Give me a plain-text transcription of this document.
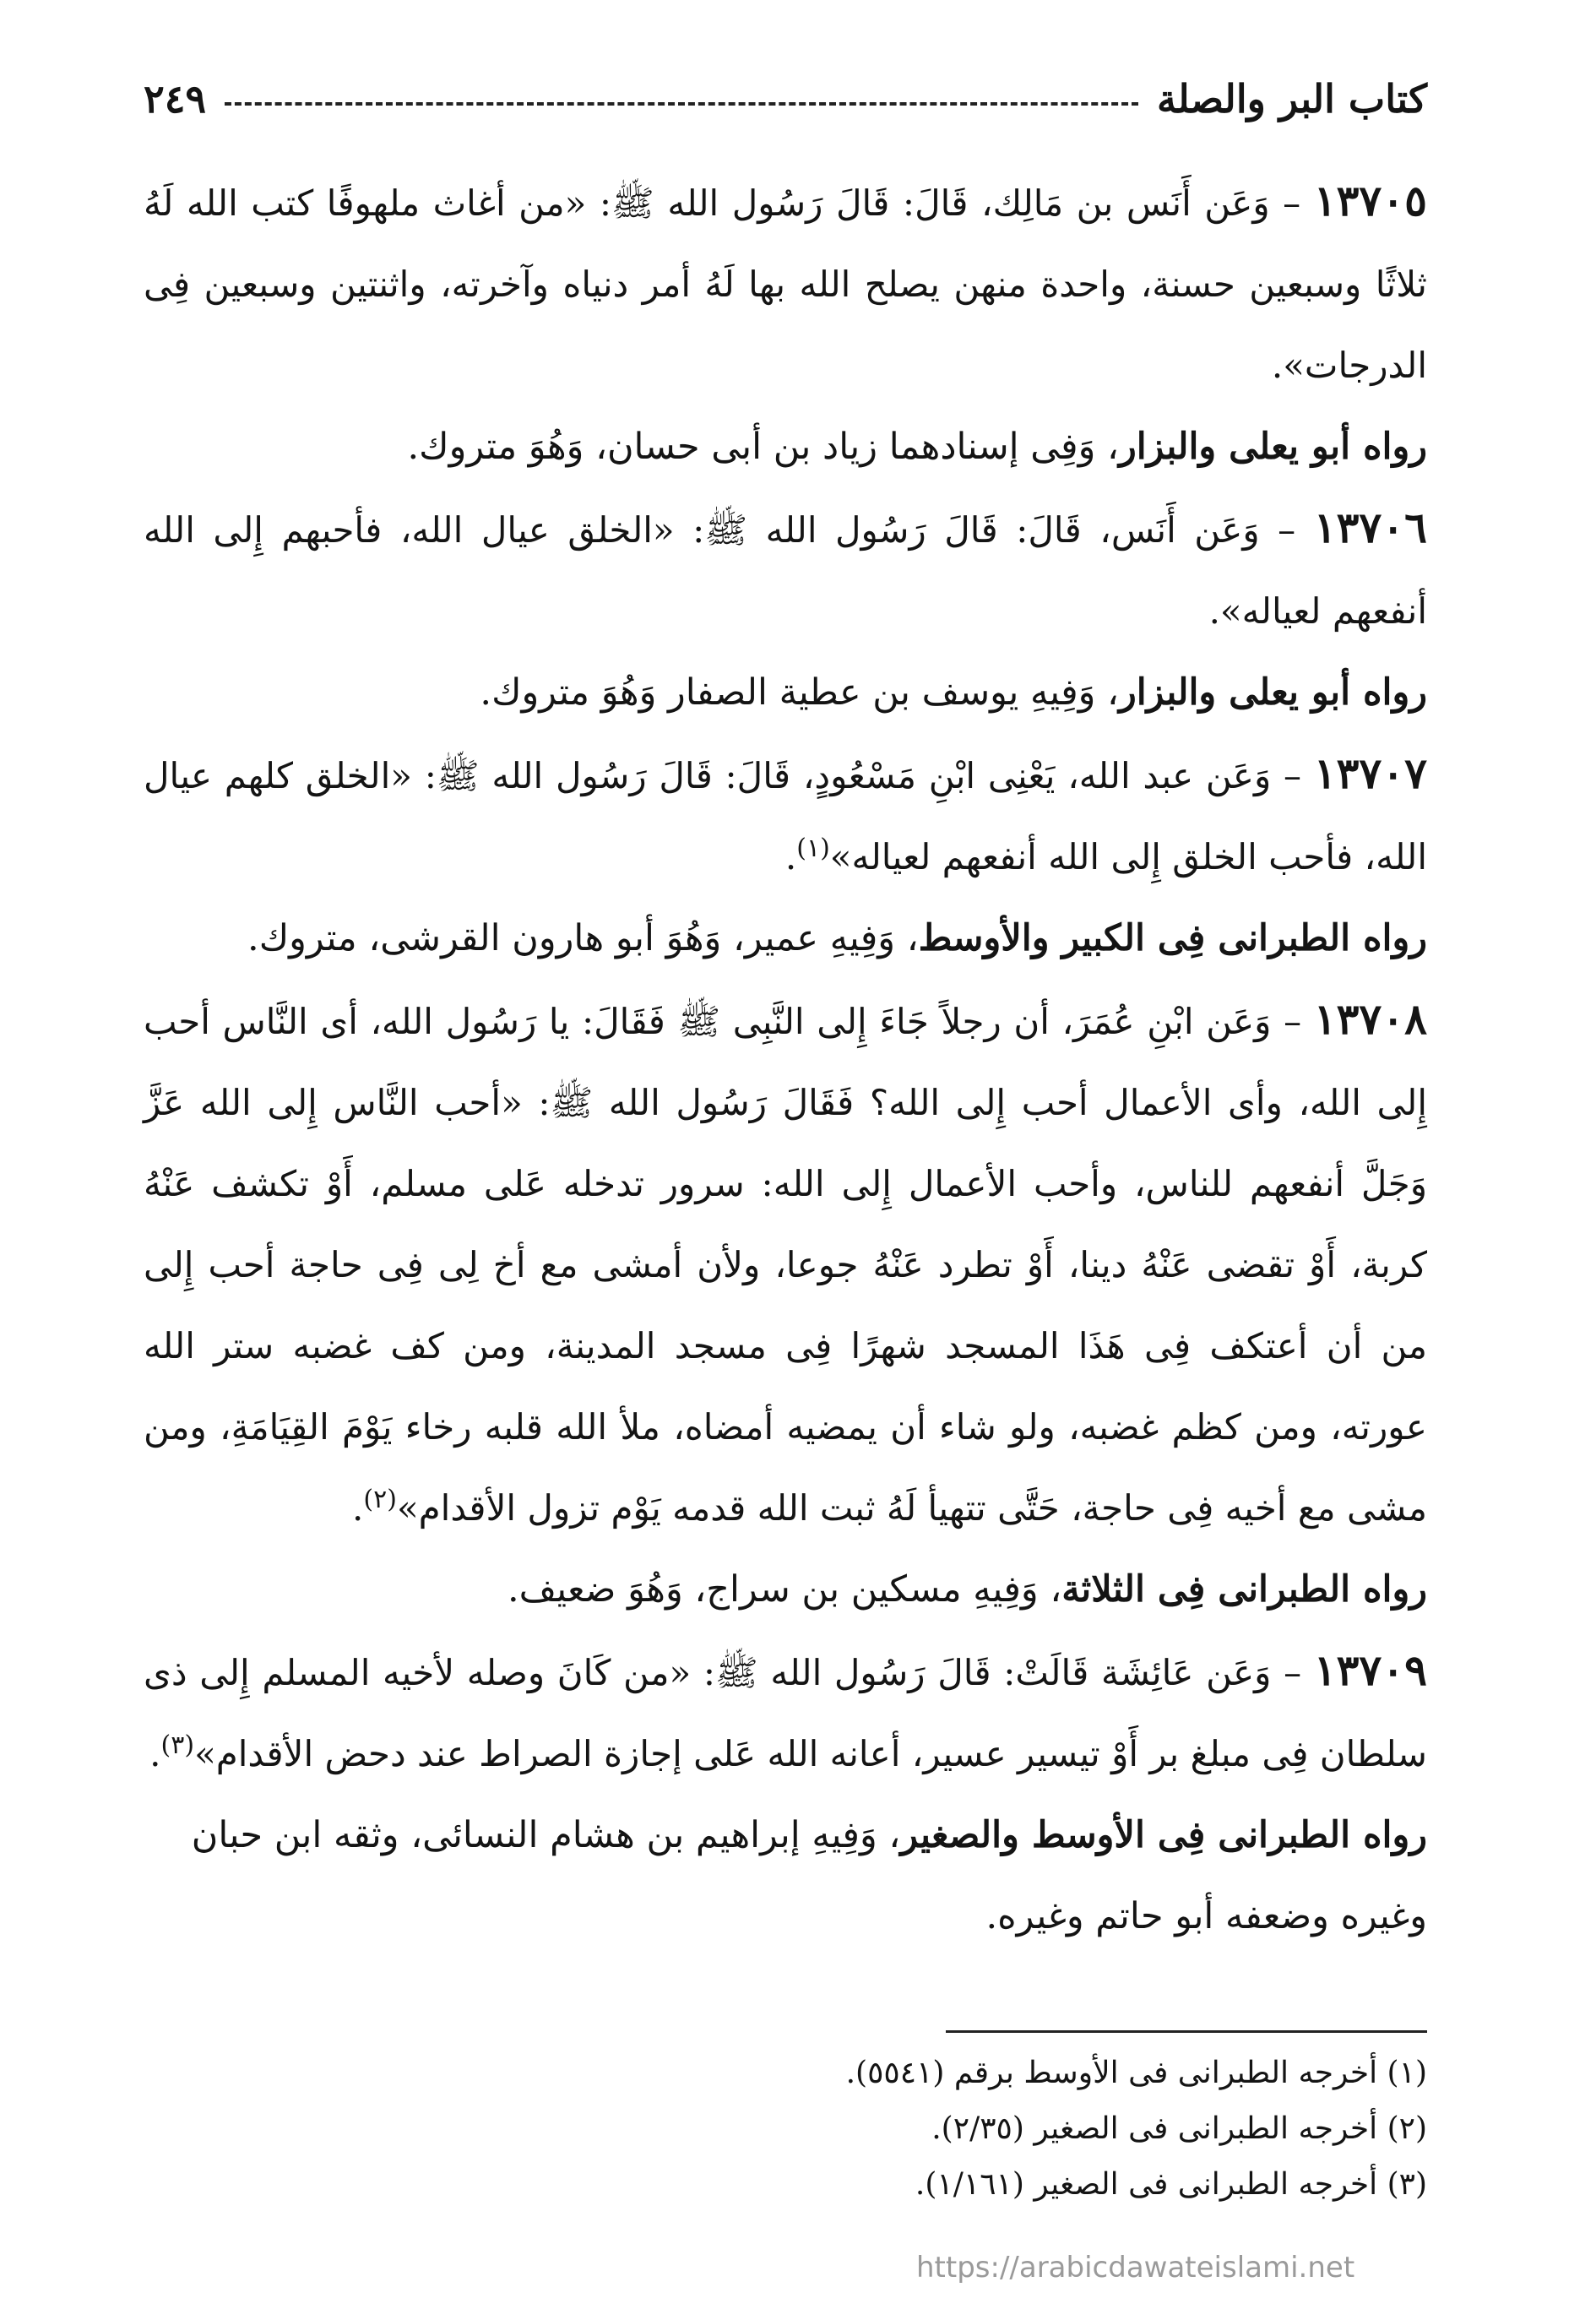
كتاب البر والصلة
٢٤٩

١٣٧٠٥ – وَعَن أَنَس بن مَالِك، قَالَ: قَالَ رَسُول الله ﷺ: «من أغاث ملهوفًا كتب الله لَهُ ثلاثًا وسبعين حسنة، واحدة منهن يصلح الله بها لَهُ أمر دنياه وآخرته، واثنتين وسبعين فِى الدرجات».

رواه أبو يعلى والبزار، وَفِى إسنادهما زياد بن أبى حسان، وَهُوَ متروك.

١٣٧٠٦ – وَعَن أَنَس، قَالَ: قَالَ رَسُول الله ﷺ: «الخلق عيال الله، فأحبهم إِلى الله أنفعهم لعياله».

رواه أبو يعلى والبزار، وَفِيهِ يوسف بن عطية الصفار وَهُوَ متروك.

١٣٧٠٧ – وَعَن عبد الله، يَعْنِى ابْنِ مَسْعُودٍ، قَالَ: قَالَ رَسُول الله ﷺ: «الخلق كلهم عيال الله، فأحب الخلق إِلى الله أنفعهم لعياله»$^{(١)}$.

رواه الطبرانى فِى الكبير والأوسط، وَفِيهِ عمير، وَهُوَ أبو هارون القرشى، متروك.

١٣٧٠٨ – وَعَن ابْنِ عُمَرَ، أن رجلاً جَاءَ إِلى النَّبِى ﷺ فَقَالَ: يا رَسُول الله، أى النَّاس أحب إِلى الله، وأى الأعمال أحب إِلى الله؟ فَقَالَ رَسُول الله ﷺ: «أحب النَّاس إِلى الله عَزَّ وَجَلَّ أنفعهم للناس، وأحب الأعمال إِلى الله: سرور تدخله عَلى مسلم، أَوْ تكشف عَنْهُ كربة، أَوْ تقضى عَنْهُ دينا، أَوْ تطرد عَنْهُ جوعا، ولأن أمشى مع أخ لِى فِى حاجة أحب إِلى من أن أعتكف فِى هَذَا المسجد شهرًا فِى مسجد المدينة، ومن كف غضبه ستر الله عورته، ومن كظم غضبه، ولو شاء أن يمضيه أمضاه، ملأ الله قلبه رخاء يَوْمَ القِيَامَةِ، ومن مشى مع أخيه فِى حاجة، حَتَّى تتهيأ لَهُ ثبت الله قدمه يَوْم تزول الأقدام»$^{(٢)}$.

رواه الطبرانى فِى الثلاثة، وَفِيهِ مسكين بن سراج، وَهُوَ ضعيف.

١٣٧٠٩ – وَعَن عَائِشَة قَالَتْ: قَالَ رَسُول الله ﷺ: «من كَانَ وصله لأخيه المسلم إِلى ذى سلطان فِى مبلغ بر أَوْ تيسير عسير، أعانه الله عَلى إجازة الصراط عند دحض الأقدام»$^{(٣)}$.

رواه الطبرانى فِى الأوسط والصغير، وَفِيهِ إبراهيم بن هشام النسائى، وثقه ابن حبان وغيره وضعفه أبو حاتم وغيره.

(١) أخرجه الطبرانى فى الأوسط برقم (٥٥٤١).

(٢) أخرجه الطبرانى فى الصغير (٢/٣٥).

(٣) أخرجه الطبرانى فى الصغير (١/١٦١).

https://arabicdawateislami.net
